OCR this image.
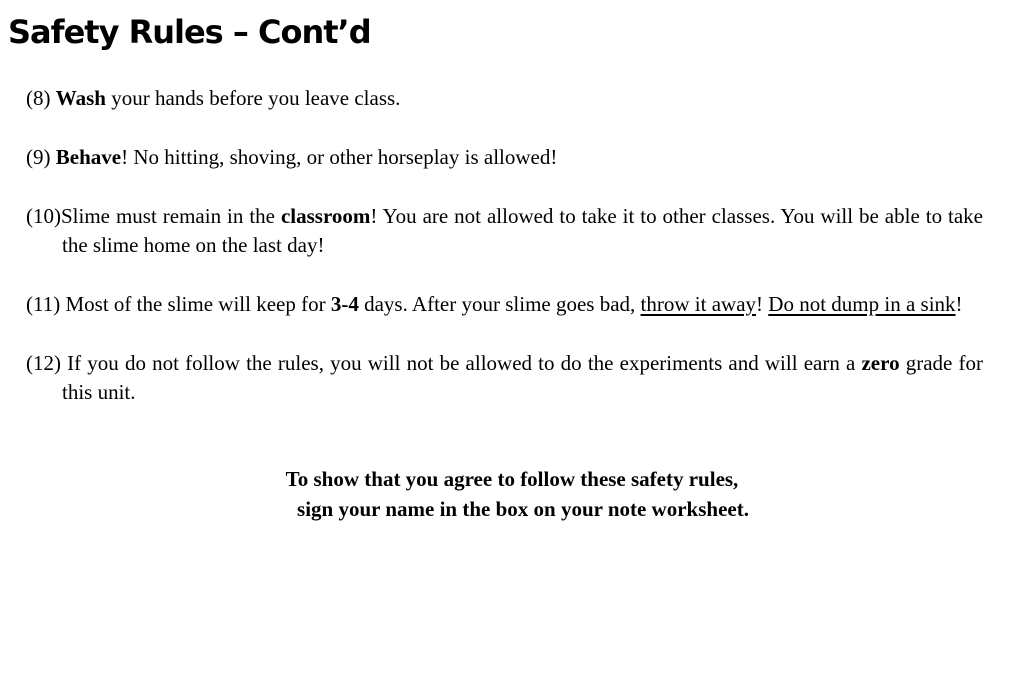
Safety Rules – Cont’d

(8) Wash your hands before you leave class.

(9) Behave! No hitting, shoving, or other horseplay is allowed!

(10)Slime must remain in the classroom! You are not allowed to take it to other classes. You will be able to take the slime home on the last day!

(11) Most of the slime will keep for 3-4 days. After your slime goes bad, throw it away! Do not dump in a sink!

(12) If you do not follow the rules, you will not be allowed to do the experiments and will earn a zero grade for this unit.

To show that you agree to follow these safety rules,
sign your name in the box on your note worksheet.
